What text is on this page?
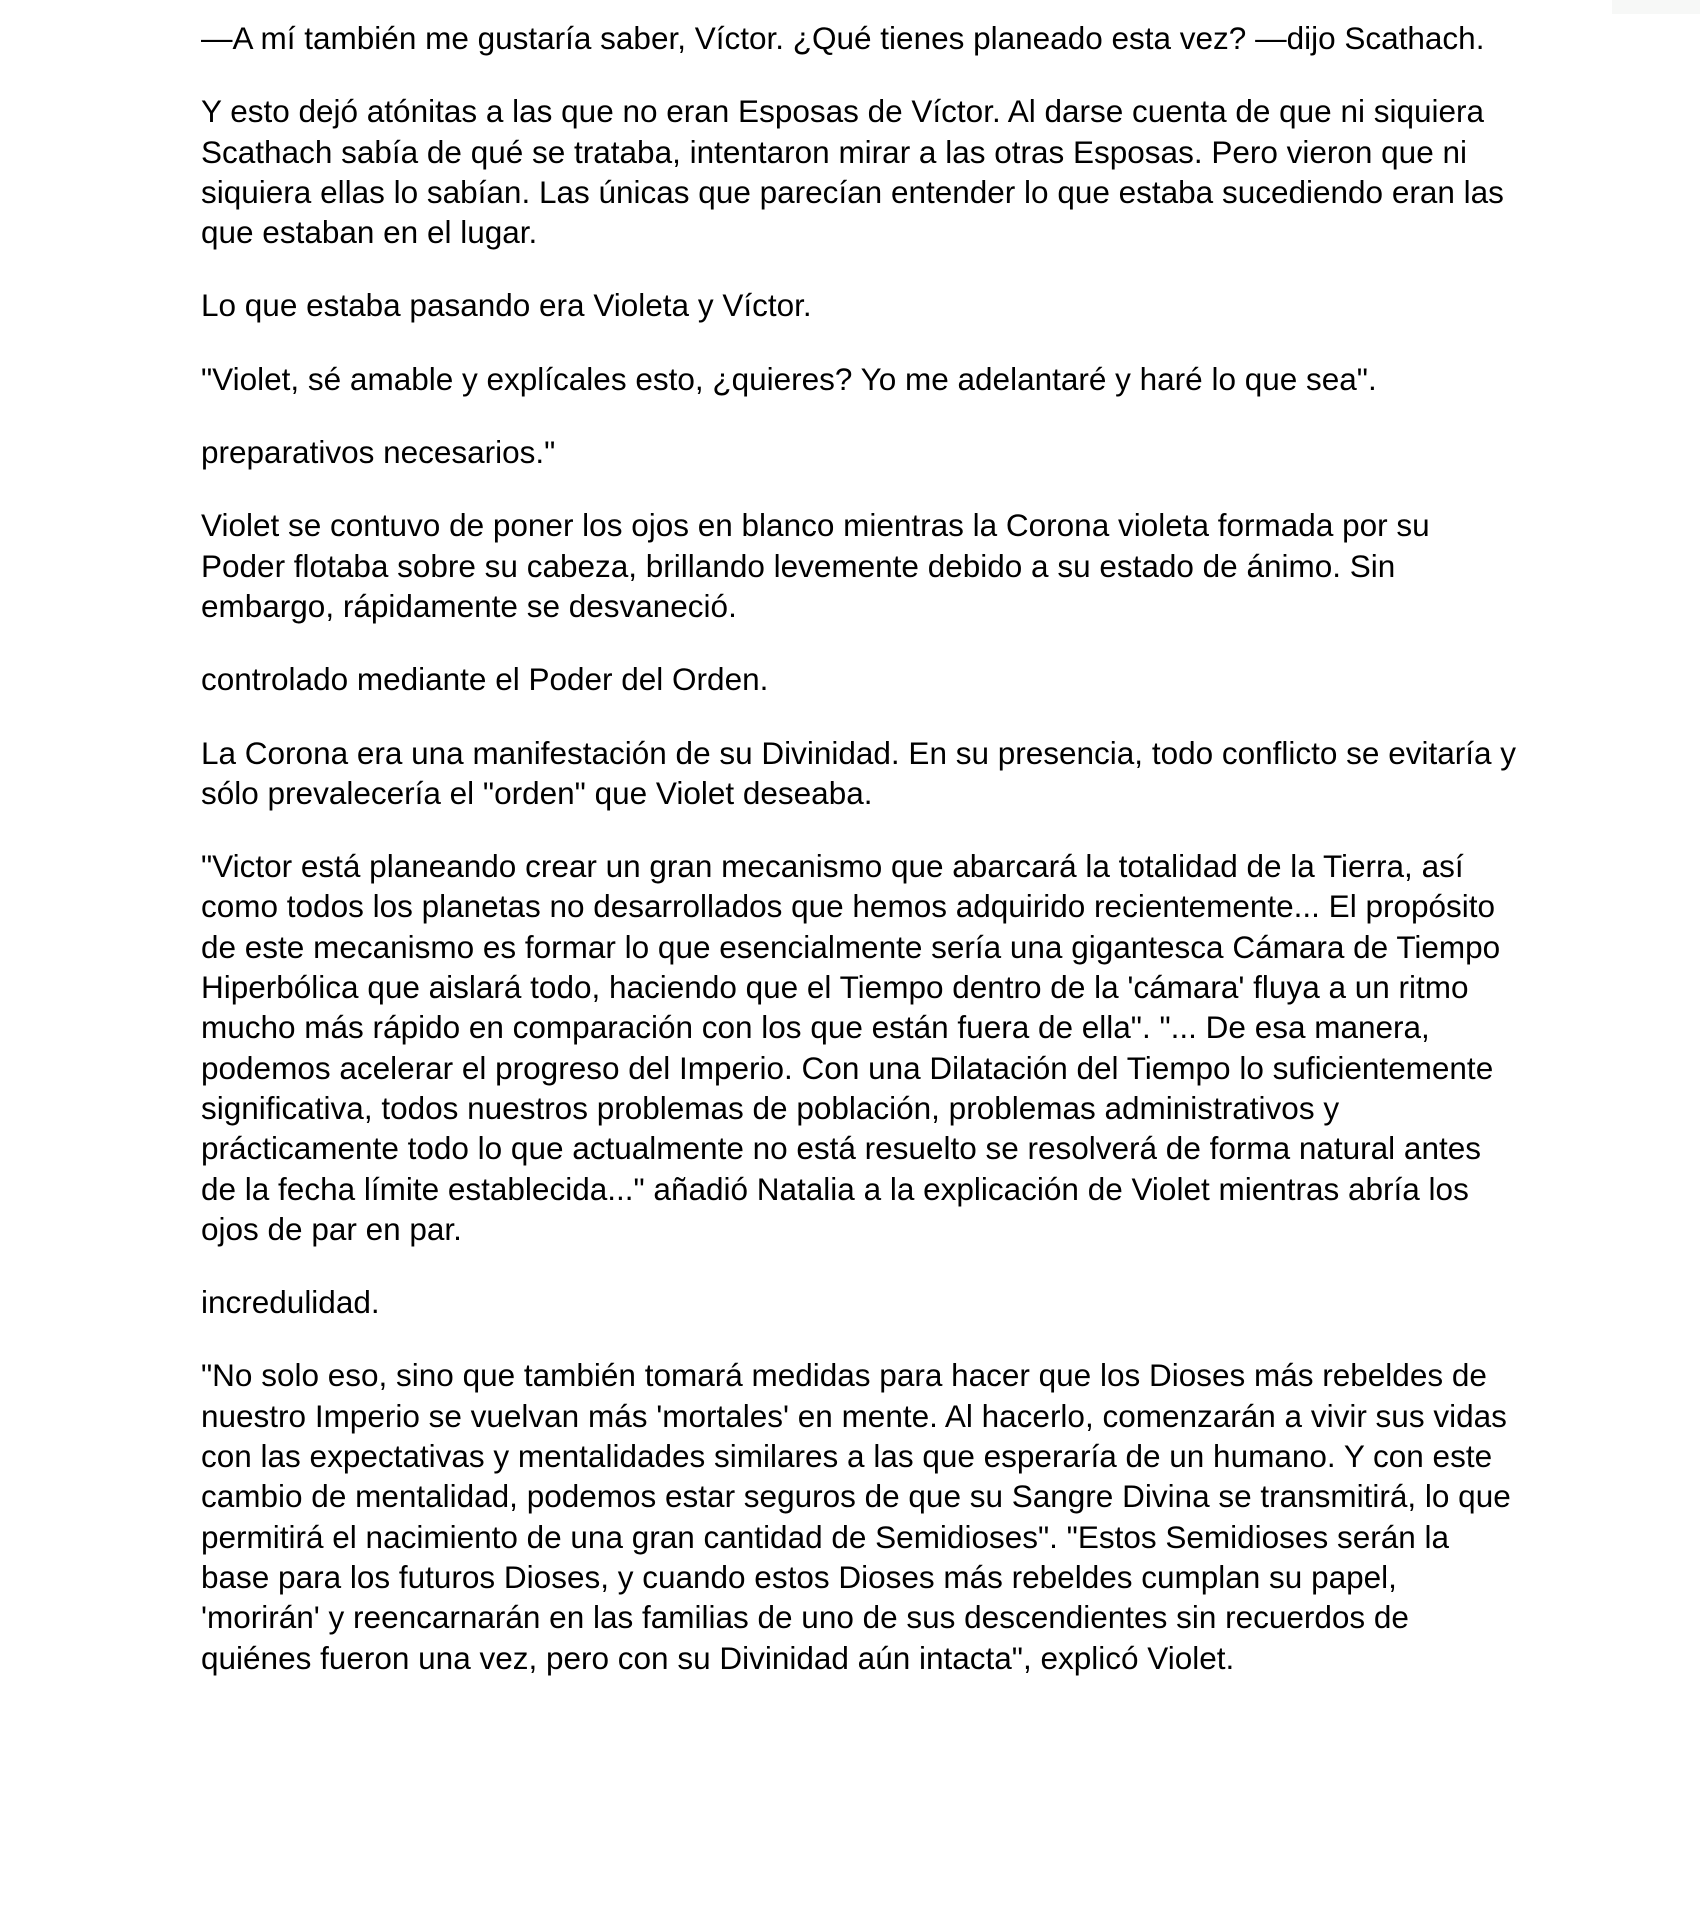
—A mí también me gustaría saber, Víctor. ¿Qué tienes planeado esta vez? —dijo Scathach.

Y esto dejó atónitas a las que no eran Esposas de Víctor. Al darse cuenta de que ni siquiera Scathach sabía de qué se trataba, intentaron mirar a las otras Esposas. Pero vieron que ni siquiera ellas lo sabían. Las únicas que parecían entender lo que estaba sucediendo eran las que estaban en el lugar.

Lo que estaba pasando era Violeta y Víctor.

"Violet, sé amable y explícales esto, ¿quieres? Yo me adelantaré y haré lo que sea".

preparativos necesarios."

Violet se contuvo de poner los ojos en blanco mientras la Corona violeta formada por su Poder flotaba sobre su cabeza, brillando levemente debido a su estado de ánimo. Sin embargo, rápidamente se desvaneció.

controlado mediante el Poder del Orden.

La Corona era una manifestación de su Divinidad. En su presencia, todo conflicto se evitaría y sólo prevalecería el "orden" que Violet deseaba.

"Victor está planeando crear un gran mecanismo que abarcará la totalidad de la Tierra, así como todos los planetas no desarrollados que hemos adquirido recientemente... El propósito de este mecanismo es formar lo que esencialmente sería una gigantesca Cámara de Tiempo Hiperbólica que aislará todo, haciendo que el Tiempo dentro de la 'cámara' fluya a un ritmo mucho más rápido en comparación con los que están fuera de ella". "... De esa manera, podemos acelerar el progreso del Imperio. Con una Dilatación del Tiempo lo suficientemente significativa, todos nuestros problemas de población, problemas administrativos y prácticamente todo lo que actualmente no está resuelto se resolverá de forma natural antes de la fecha límite establecida..." añadió Natalia a la explicación de Violet mientras abría los ojos de par en par.

incredulidad.

"No solo eso, sino que también tomará medidas para hacer que los Dioses más rebeldes de nuestro Imperio se vuelvan más 'mortales' en mente. Al hacerlo, comenzarán a vivir sus vidas con las expectativas y mentalidades similares a las que esperaría de un humano. Y con este cambio de mentalidad, podemos estar seguros de que su Sangre Divina se transmitirá, lo que permitirá el nacimiento de una gran cantidad de Semidioses". "Estos Semidioses serán la base para los futuros Dioses, y cuando estos Dioses más rebeldes cumplan su papel, 'morirán' y reencarnarán en las familias de uno de sus descendientes sin recuerdos de quiénes fueron una vez, pero con su Divinidad aún intacta", explicó Violet.
